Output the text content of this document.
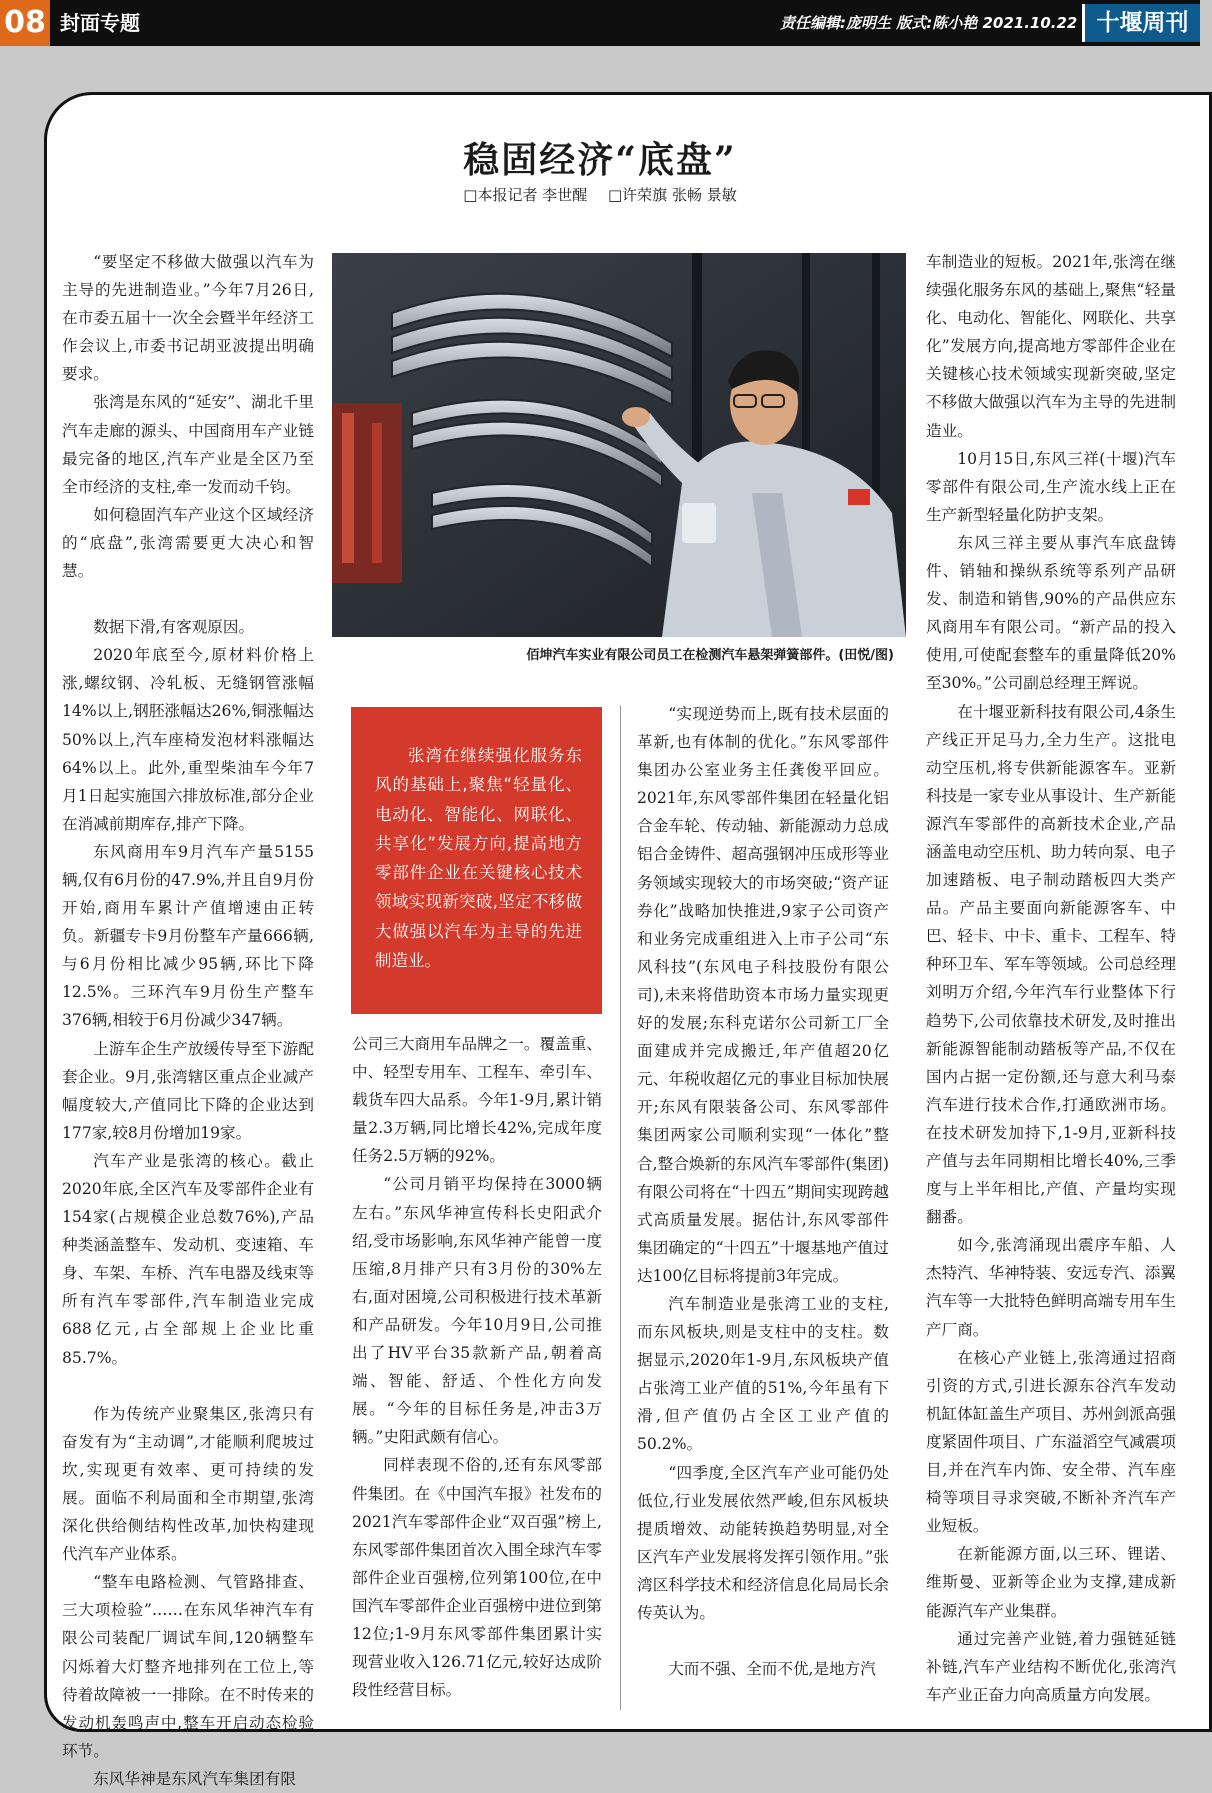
08 封面专题	责任编辑:庞明生 版式:陈小艳 2021.10.22 十堰周刊
稳固经济“底盘”
□本报记者 李世醒 □许荣旗 张畅 景敏
佰坤汽车实业有限公司员工在检测汽车悬架弹簧部件。(田悦/图)

张湾在继续强化服务东风的基础上,聚焦“轻量化、电动化、智能化、网联化、共享化”发展方向,提高地方零部件企业在关键核心技术领域实现新突破,坚定不移做大做强以汽车为主导的先进制造业。

“要坚定不移做大做强以汽车为主导的先进制造业。”今年7月26日,在市委五届十一次全会暨半年经济工作会议上,市委书记胡亚波提出明确要求。

张湾是东风的“延安”、湖北千里汽车走廊的源头、中国商用车产业链最完备的地区,汽车产业是全区乃至全市经济的支柱,牵一发而动千钧。

如何稳固汽车产业这个区域经济的“底盘”,张湾需要更大决心和智慧。

数据下滑,有客观原因。

2020年底至今,原材料价格上涨,螺纹钢、冷轧板、无缝钢管涨幅14%以上,钢胚涨幅达26%,铜涨幅达50%以上,汽车座椅发泡材料涨幅达64%以上。此外,重型柴油车今年7月1日起实施国六排放标准,部分企业在消减前期库存,排产下降。

东风商用车9月汽车产量5155辆,仅有6月份的47.9%,并且自9月份开始,商用车累计产值增速由正转负。新疆专卡9月份整车产量666辆,与6月份相比减少95辆,环比下降12.5%。三环汽车9月份生产整车376辆,相较于6月份减少347辆。

上游车企生产放缓传导至下游配套企业。9月,张湾辖区重点企业减产幅度较大,产值同比下降的企业达到177家,较8月份增加19家。

汽车产业是张湾的核心。截止2020年底,全区汽车及零部件企业有154家(占规模企业总数76%),产品种类涵盖整车、发动机、变速箱、车身、车架、车桥、汽车电器及线束等所有汽车零部件,汽车制造业完成688亿元,占全部规上企业比重85.7%。

作为传统产业聚集区,张湾只有奋发有为“主动调”,才能顺利爬坡过坎,实现更有效率、更可持续的发展。面临不利局面和全市期望,张湾深化供给侧结构性改革,加快构建现代汽车产业体系。

“整车电路检测、气管路排查、三大项检验”……在东风华神汽车有限公司装配厂调试车间,120辆整车闪烁着大灯整齐地排列在工位上,等待着故障被一一排除。在不时传来的发动机轰鸣声中,整车开启动态检验环节。

东风华神是东风汽车集团有限

公司三大商用车品牌之一。覆盖重、中、轻型专用车、工程车、牵引车、载货车四大品系。今年1-9月,累计销量2.3万辆,同比增长42%,完成年度任务2.5万辆的92%。

“公司月销平均保持在3000辆左右。”东风华神宣传科长史阳武介绍,受市场影响,东风华神产能曾一度压缩,8月排产只有3月份的30%左右,面对困境,公司积极进行技术革新和产品研发。今年10月9日,公司推出了HV平台35款新产品,朝着高端、智能、舒适、个性化方向发展。“今年的目标任务是,冲击3万辆。”史阳武颇有信心。

同样表现不俗的,还有东风零部件集团。在《中国汽车报》社发布的2021汽车零部件企业“双百强”榜上,东风零部件集团首次入围全球汽车零部件企业百强榜,位列第100位,在中国汽车零部件企业百强榜中进位到第12位;1-9月东风零部件集团累计实现营业收入126.71亿元,较好达成阶段性经营目标。

“实现逆势而上,既有技术层面的革新,也有体制的优化。”东风零部件集团办公室业务主任龚俊平回应。2021年,东风零部件集团在轻量化铝合金车轮、传动轴、新能源动力总成铝合金铸件、超高强钢冲压成形等业务领域实现较大的市场突破;“资产证券化”战略加快推进,9家子公司资产和业务完成重组进入上市子公司“东风科技”(东风电子科技股份有限公司),未来将借助资本市场力量实现更好的发展;东科克诺尔公司新工厂全面建成并完成搬迁,年产值超20亿元、年税收超亿元的事业目标加快展开;东风有限装备公司、东风零部件集团两家公司顺利实现“一体化”整合,整合焕新的东风汽车零部件(集团)有限公司将在“十四五”期间实现跨越式高质量发展。据估计,东风零部件集团确定的“十四五”十堰基地产值过达100亿目标将提前3年完成。

汽车制造业是张湾工业的支柱,而东风板块,则是支柱中的支柱。数据显示,2020年1-9月,东风板块产值占张湾工业产值的51%,今年虽有下滑,但产值仍占全区工业产值的50.2%。

“四季度,全区汽车产业可能仍处低位,行业发展依然严峻,但东风板块提质增效、动能转换趋势明显,对全区汽车产业发展将发挥引领作用。”张湾区科学技术和经济信息化局局长余传英认为。

大而不强、全而不优,是地方汽

车制造业的短板。2021年,张湾在继续强化服务东风的基础上,聚焦“轻量化、电动化、智能化、网联化、共享化”发展方向,提高地方零部件企业在关键核心技术领域实现新突破,坚定不移做大做强以汽车为主导的先进制造业。

10月15日,东风三祥(十堰)汽车零部件有限公司,生产流水线上正在生产新型轻量化防护支架。

东风三祥主要从事汽车底盘铸件、销轴和操纵系统等系列产品研发、制造和销售,90%的产品供应东风商用车有限公司。“新产品的投入使用,可使配套整车的重量降低20%至30%。”公司副总经理王辉说。

在十堰亚新科技有限公司,4条生产线正开足马力,全力生产。这批电动空压机,将专供新能源客车。亚新科技是一家专业从事设计、生产新能源汽车零部件的高新技术企业,产品涵盖电动空压机、助力转向泵、电子加速踏板、电子制动踏板四大类产品。产品主要面向新能源客车、中巴、轻卡、中卡、重卡、工程车、特种环卫车、军车等领域。公司总经理刘明万介绍,今年汽车行业整体下行趋势下,公司依靠技术研发,及时推出新能源智能制动踏板等产品,不仅在国内占据一定份额,还与意大利马泰汽车进行技术合作,打通欧洲市场。在技术研发加持下,1-9月,亚新科技产值与去年同期相比增长40%,三季度与上半年相比,产值、产量均实现翻番。

如今,张湾涌现出震序车船、人杰特汽、华神特装、安远专汽、添翼汽车等一大批特色鲜明高端专用车生产厂商。

在核心产业链上,张湾通过招商引资的方式,引进长源东谷汽车发动机缸体缸盖生产项目、苏州剑派高强度紧固件项目、广东溢滔空气减震项目,并在汽车内饰、安全带、汽车座椅等项目寻求突破,不断补齐汽车产业短板。

在新能源方面,以三环、锂诺、维斯曼、亚新等企业为支撑,建成新能源汽车产业集群。

通过完善产业链,着力强链延链补链,汽车产业结构不断优化,张湾汽车产业正奋力向高质量方向发展。
